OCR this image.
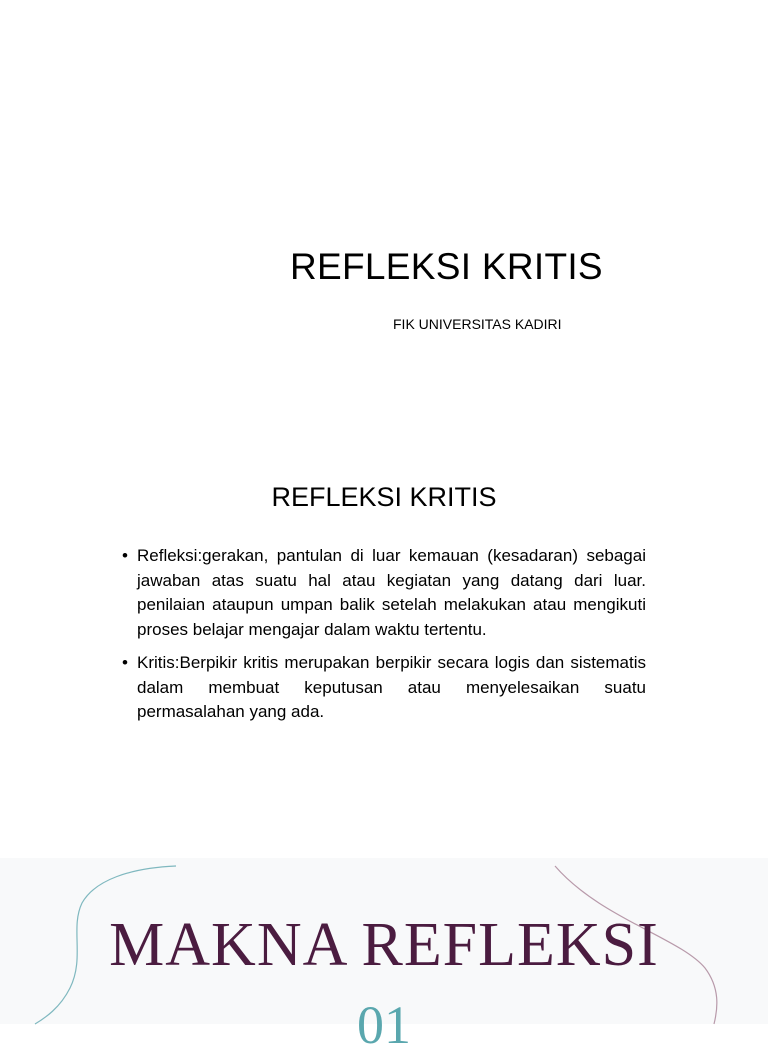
REFLEKSI KRITIS
FIK UNIVERSITAS KADIRI
REFLEKSI KRITIS
• Refleksi:gerakan, pantulan di luar kemauan (kesadaran) sebagai jawaban atas suatu hal atau kegiatan yang datang dari luar. penilaian ataupun umpan balik setelah melakukan atau mengikuti proses belajar mengajar dalam waktu tertentu.
• Kritis:Berpikir kritis merupakan berpikir secara logis dan sistematis dalam membuat keputusan atau menyelesaikan suatu permasalahan yang ada.
MAKNA REFLEKSI
01
